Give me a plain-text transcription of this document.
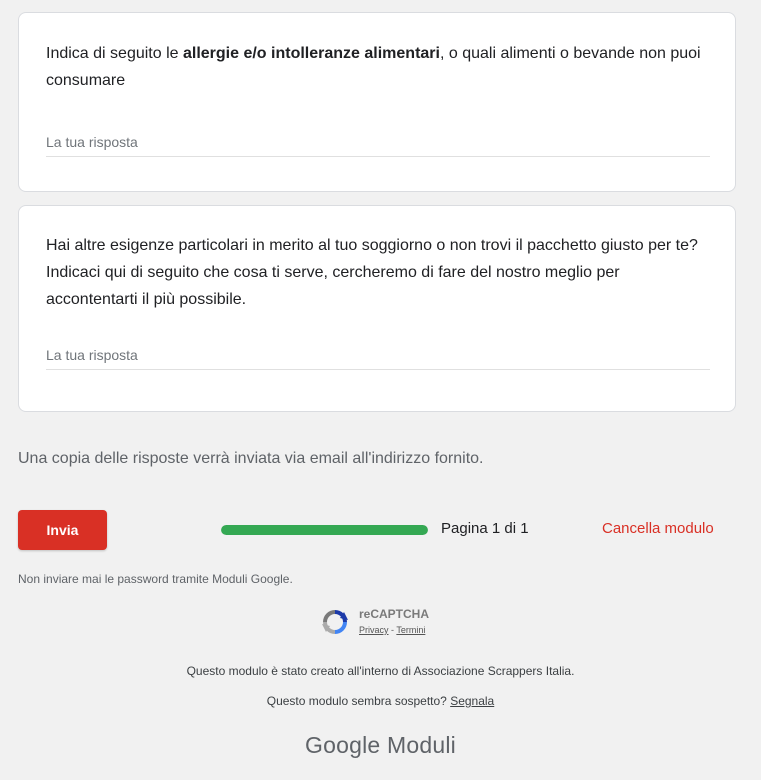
Indica di seguito le allergie e/o intolleranze alimentari, o quali alimenti o bevande non puoi consumare
La tua risposta
Hai altre esigenze particolari in merito al tuo soggiorno o non trovi il pacchetto giusto per te? Indicaci qui di seguito che cosa ti serve, cercheremo di fare del nostro meglio per accontentarti il più possibile.
La tua risposta
Una copia delle risposte verrà inviata via email all'indirizzo fornito.
Invia	Pagina 1 di 1	Cancella modulo
Non inviare mai le password tramite Moduli Google.
reCAPTCHA
Privacy - Termini
Questo modulo è stato creato all'interno di Associazione Scrappers Italia.
Questo modulo sembra sospetto? Segnala
Google Moduli
